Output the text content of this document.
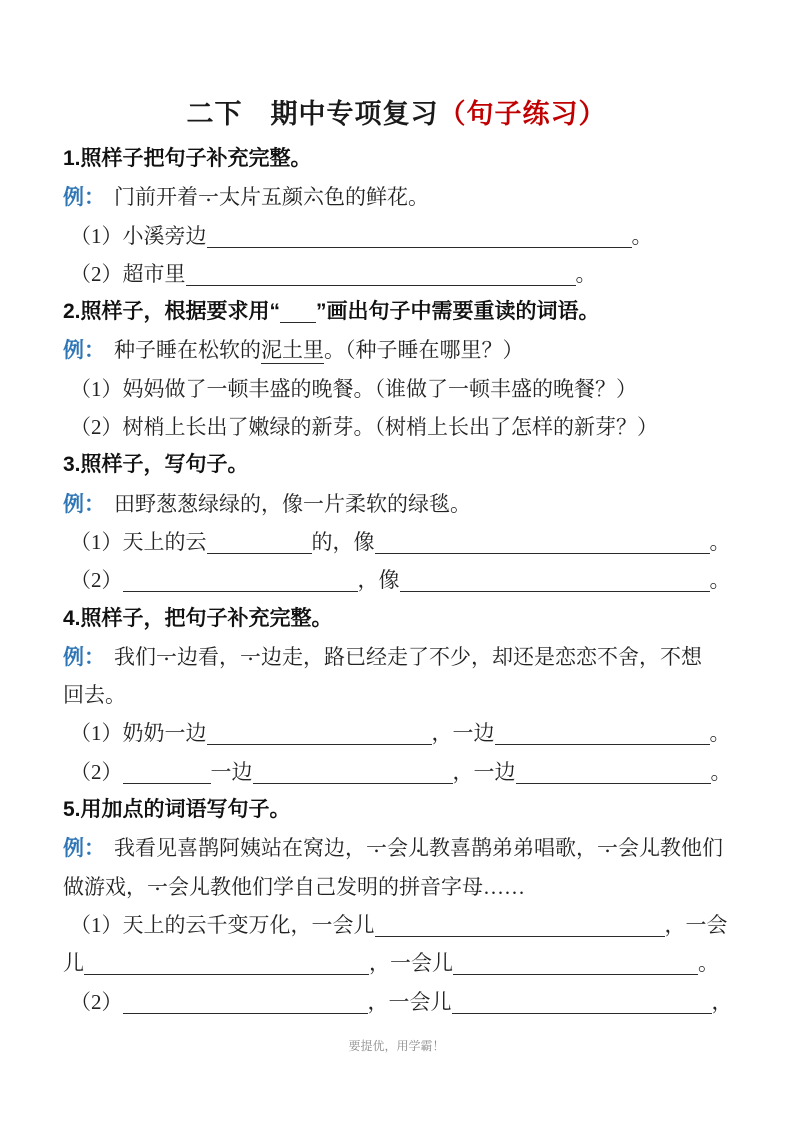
二下　期中专项复习（句子练习）
1.照样子把句子补充完整。
例： 门前开着一 •大 •片 •五 •颜 •六 •色 •的鲜花。
（1）小溪旁边	。
（2）超市里	。
2.照样子，根据要求用“ ”画出句子中需要重读的词语。
例： 种子睡在松软的泥土里。（种子睡在哪里？）
（1）妈妈做了一顿丰盛的晚餐。（谁做了一顿丰盛的晚餐？）
（2）树梢上长出了嫩绿的新芽。（树梢上长出了怎样的新芽？）
3.照样子，写句子。
例： 田野葱葱绿绿的，像一片柔软的绿毯。
（1）天上的云	的，像	。
（2）	，像	。
4.照样子，把句子补充完整。
例： 我们一 •边 •看，一 •边 •走，路已经走了不少，却还是恋恋不舍，不想
回去。
（1）奶奶一边	，一边	。
（2）	一边	，一边	。
5.用加点的词语写句子。
例： 我看见喜鹊阿姨站在窝边，一 •会 •儿 •教喜鹊弟弟唱歌，一 •会 •儿 •教他们
做游戏，一 •会 •儿 •教他们学自己发明的拼音字母……
（1）天上的云千变万化，一会儿	，一会
儿	，一会儿	。
（2）	，一会儿	，
要提优，用学霸！
